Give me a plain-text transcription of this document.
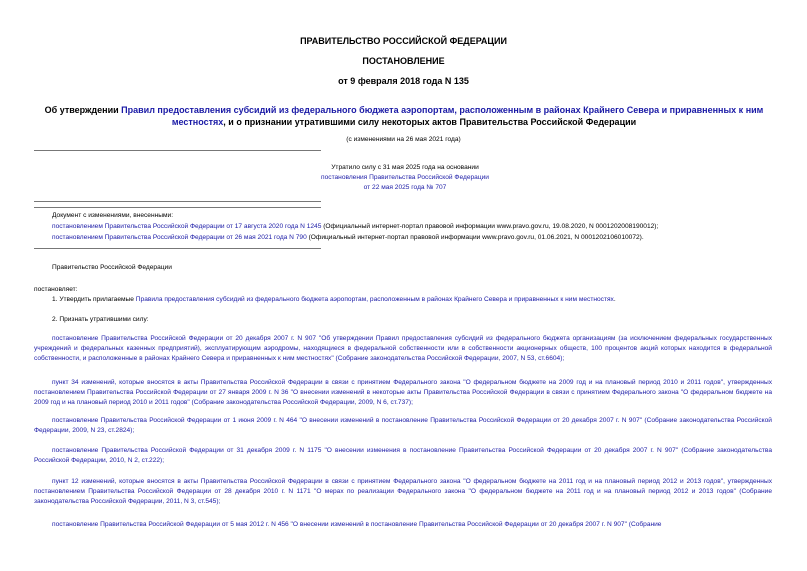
ПРАВИТЕЛЬСТВО РОССИЙСКОЙ ФЕДЕРАЦИИ
ПОСТАНОВЛЕНИЕ
от 9 февраля 2018 года N 135
Об утверждении Правил предоставления субсидий из федерального бюджета аэропортам, расположенным в районах Крайнего Севера и приравненных к ним местностях, и о признании утратившими силу некоторых актов Правительства Российской Федерации
(с изменениями на 26 мая 2021 года)
Утратило силу с 31 мая 2025 года на основании
постановления Правительства Российской Федерации
от 22 мая 2025 года № 707
Документ с изменениями, внесенными:
постановлением Правительства Российской Федерации от 17 августа 2020 года N 1245 (Официальный интернет-портал правовой информации www.pravo.gov.ru, 19.08.2020, N 0001202008190012);
постановлением Правительства Российской Федерации от 26 мая 2021 года N 790 (Официальный интернет-портал правовой информации www.pravo.gov.ru, 01.06.2021, N 0001202106010072).
Правительство Российской Федерации
постановляет:
1. Утвердить прилагаемые Правила предоставления субсидий из федерального бюджета аэропортам, расположенным в районах Крайнего Севера и приравненных к ним местностях.
2. Признать утратившими силу:
постановление Правительства Российской Федерации от 20 декабря 2007 г. N 907 "Об утверждении Правил предоставления субсидий из федерального бюджета организациям (за исключением федеральных государственных учреждений и федеральных казенных предприятий), эксплуатирующим аэродромы, находящиеся в федеральной собственности или в собственности акционерных обществ, 100 процентов акций которых находится в федеральной собственности, и расположенные в районах Крайнего Севера и приравненных к ним местностях" (Собрание законодательства Российской Федерации, 2007, N 53, ст.6604);
пункт 34 изменений, которые вносятся в акты Правительства Российской Федерации в связи с принятием Федерального закона "О федеральном бюджете на 2009 год и на плановый период 2010 и 2011 годов", утвержденных постановлением Правительства Российской Федерации от 27 января 2009 г. N 36 "О внесении изменений в некоторые акты Правительства Российской Федерации в связи с принятием Федерального закона "О федеральном бюджете на 2009 год и на плановый период 2010 и 2011 годов" (Собрание законодательства Российской Федерации, 2009, N 6, ст.737);
постановление Правительства Российской Федерации от 1 июня 2009 г. N 464 "О внесении изменений в постановление Правительства Российской Федерации от 20 декабря 2007 г. N 907" (Собрание законодательства Российской Федерации, 2009, N 23, ст.2824);
постановление Правительства Российской Федерации от 31 декабря 2009 г. N 1175 "О внесении изменения в постановление Правительства Российской Федерации от 20 декабря 2007 г. N 907" (Собрание законодательства Российской Федерации, 2010, N 2, ст.222);
пункт 12 изменений, которые вносятся в акты Правительства Российской Федерации в связи с принятием Федерального закона "О федеральном бюджете на 2011 год и на плановый период 2012 и 2013 годов", утвержденных постановлением Правительства Российской Федерации от 28 декабря 2010 г. N 1171 "О мерах по реализации Федерального закона "О федеральном бюджете на 2011 год и на плановый период 2012 и 2013 годов" (Собрание законодательства Российской Федерации, 2011, N 3, ст.545);
постановление Правительства Российской Федерации от 5 мая 2012 г. N 456 "О внесении изменений в постановление Правительства Российской Федерации от 20 декабря 2007 г. N 907" (Собрание
